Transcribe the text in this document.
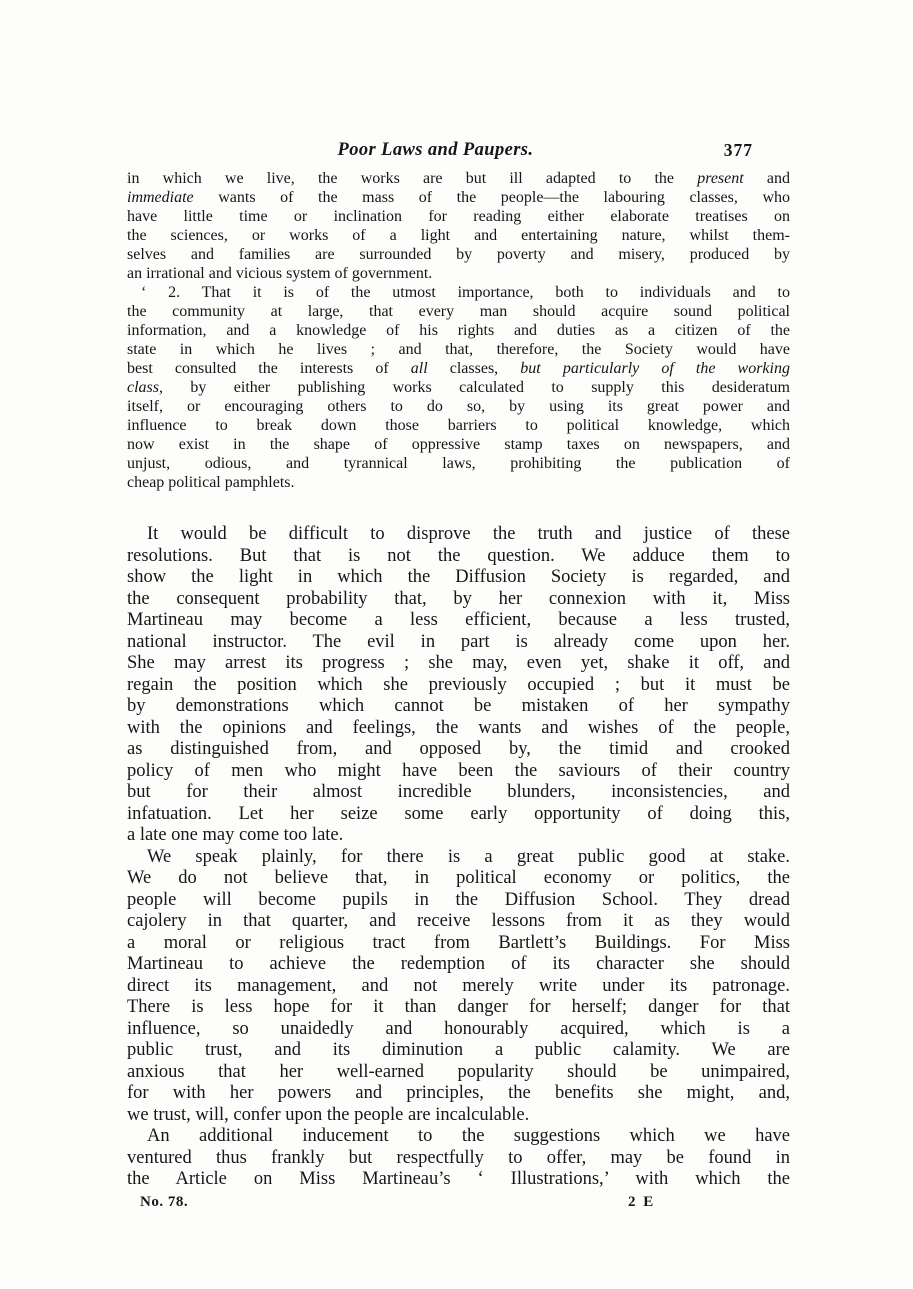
Poor Laws and Paupers.	377
in which we live, the works are but ill adapted to the present and
immediate wants of the mass of the people—the labouring classes, who
have little time or inclination for reading either elaborate treatises on
the sciences, or works of a light and entertaining nature, whilst them-
selves and families are surrounded by poverty and misery, produced by
an irrational and vicious system of government.
‘ 2. That it is of the utmost importance, both to individuals and to
the community at large, that every man should acquire sound political
information, and a knowledge of his rights and duties as a citizen of the
state in which he lives ; and that, therefore, the Society would have
best consulted the interests of all classes, but particularly of the working
class, by either publishing works calculated to supply this desideratum
itself, or encouraging others to do so, by using its great power and
influence to break down those barriers to political knowledge, which
now exist in the shape of oppressive stamp taxes on newspapers, and
unjust, odious, and tyrannical laws, prohibiting the publication of
cheap political pamphlets.
It would be difficult to disprove the truth and justice of these
resolutions. But that is not the question. We adduce them to
show the light in which the Diffusion Society is regarded, and
the consequent probability that, by her connexion with it, Miss
Martineau may become a less efficient, because a less trusted,
national instructor. The evil in part is already come upon her.
She may arrest its progress ; she may, even yet, shake it off, and
regain the position which she previously occupied ; but it must be
by demonstrations which cannot be mistaken of her sympathy
with the opinions and feelings, the wants and wishes of the people,
as distinguished from, and opposed by, the timid and crooked
policy of men who might have been the saviours of their country
but for their almost incredible blunders, inconsistencies, and
infatuation. Let her seize some early opportunity of doing this,
a late one may come too late.
We speak plainly, for there is a great public good at stake.
We do not believe that, in political economy or politics, the
people will become pupils in the Diffusion School. They dread
cajolery in that quarter, and receive lessons from it as they would
a moral or religious tract from Bartlett’s Buildings. For Miss
Martineau to achieve the redemption of its character she should
direct its management, and not merely write under its patronage.
There is less hope for it than danger for herself; danger for that
influence, so unaidedly and honourably acquired, which is a
public trust, and its diminution a public calamity. We are
anxious that her well-earned popularity should be unimpaired,
for with her powers and principles, the benefits she might, and,
we trust, will, confer upon the people are incalculable.
An additional inducement to the suggestions which we have
ventured thus frankly but respectfully to offer, may be found in
the Article on Miss Martineau’s ‘ Illustrations,’ with which the
No. 78.	2 E
